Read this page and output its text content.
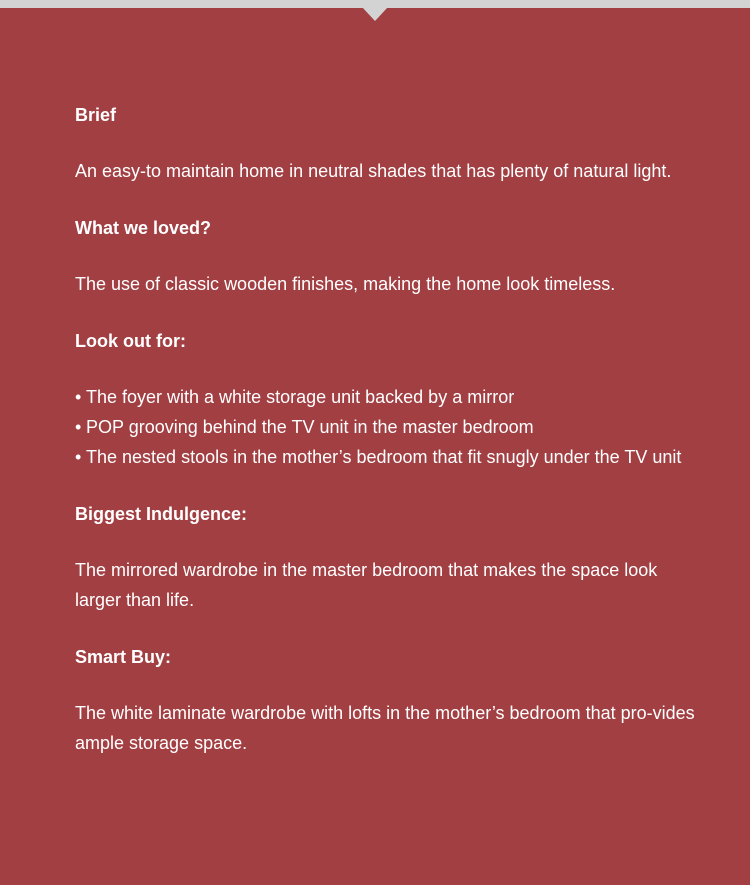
Brief

An easy-to maintain home in neutral shades that has plenty of natural light.

What we loved?

The use of classic wooden finishes, making the home look timeless.

Look out for:
• The foyer with a white storage unit backed by a mirror
• POP grooving behind the TV unit in the master bedroom
• The nested stools in the mother’s bedroom that fit snugly under the TV unit
Biggest Indulgence:

The mirrored wardrobe in the master bedroom that makes the space look larger than life.

Smart Buy:

The white laminate wardrobe with lofts in the mother’s bedroom that pro-vides ample storage space.
